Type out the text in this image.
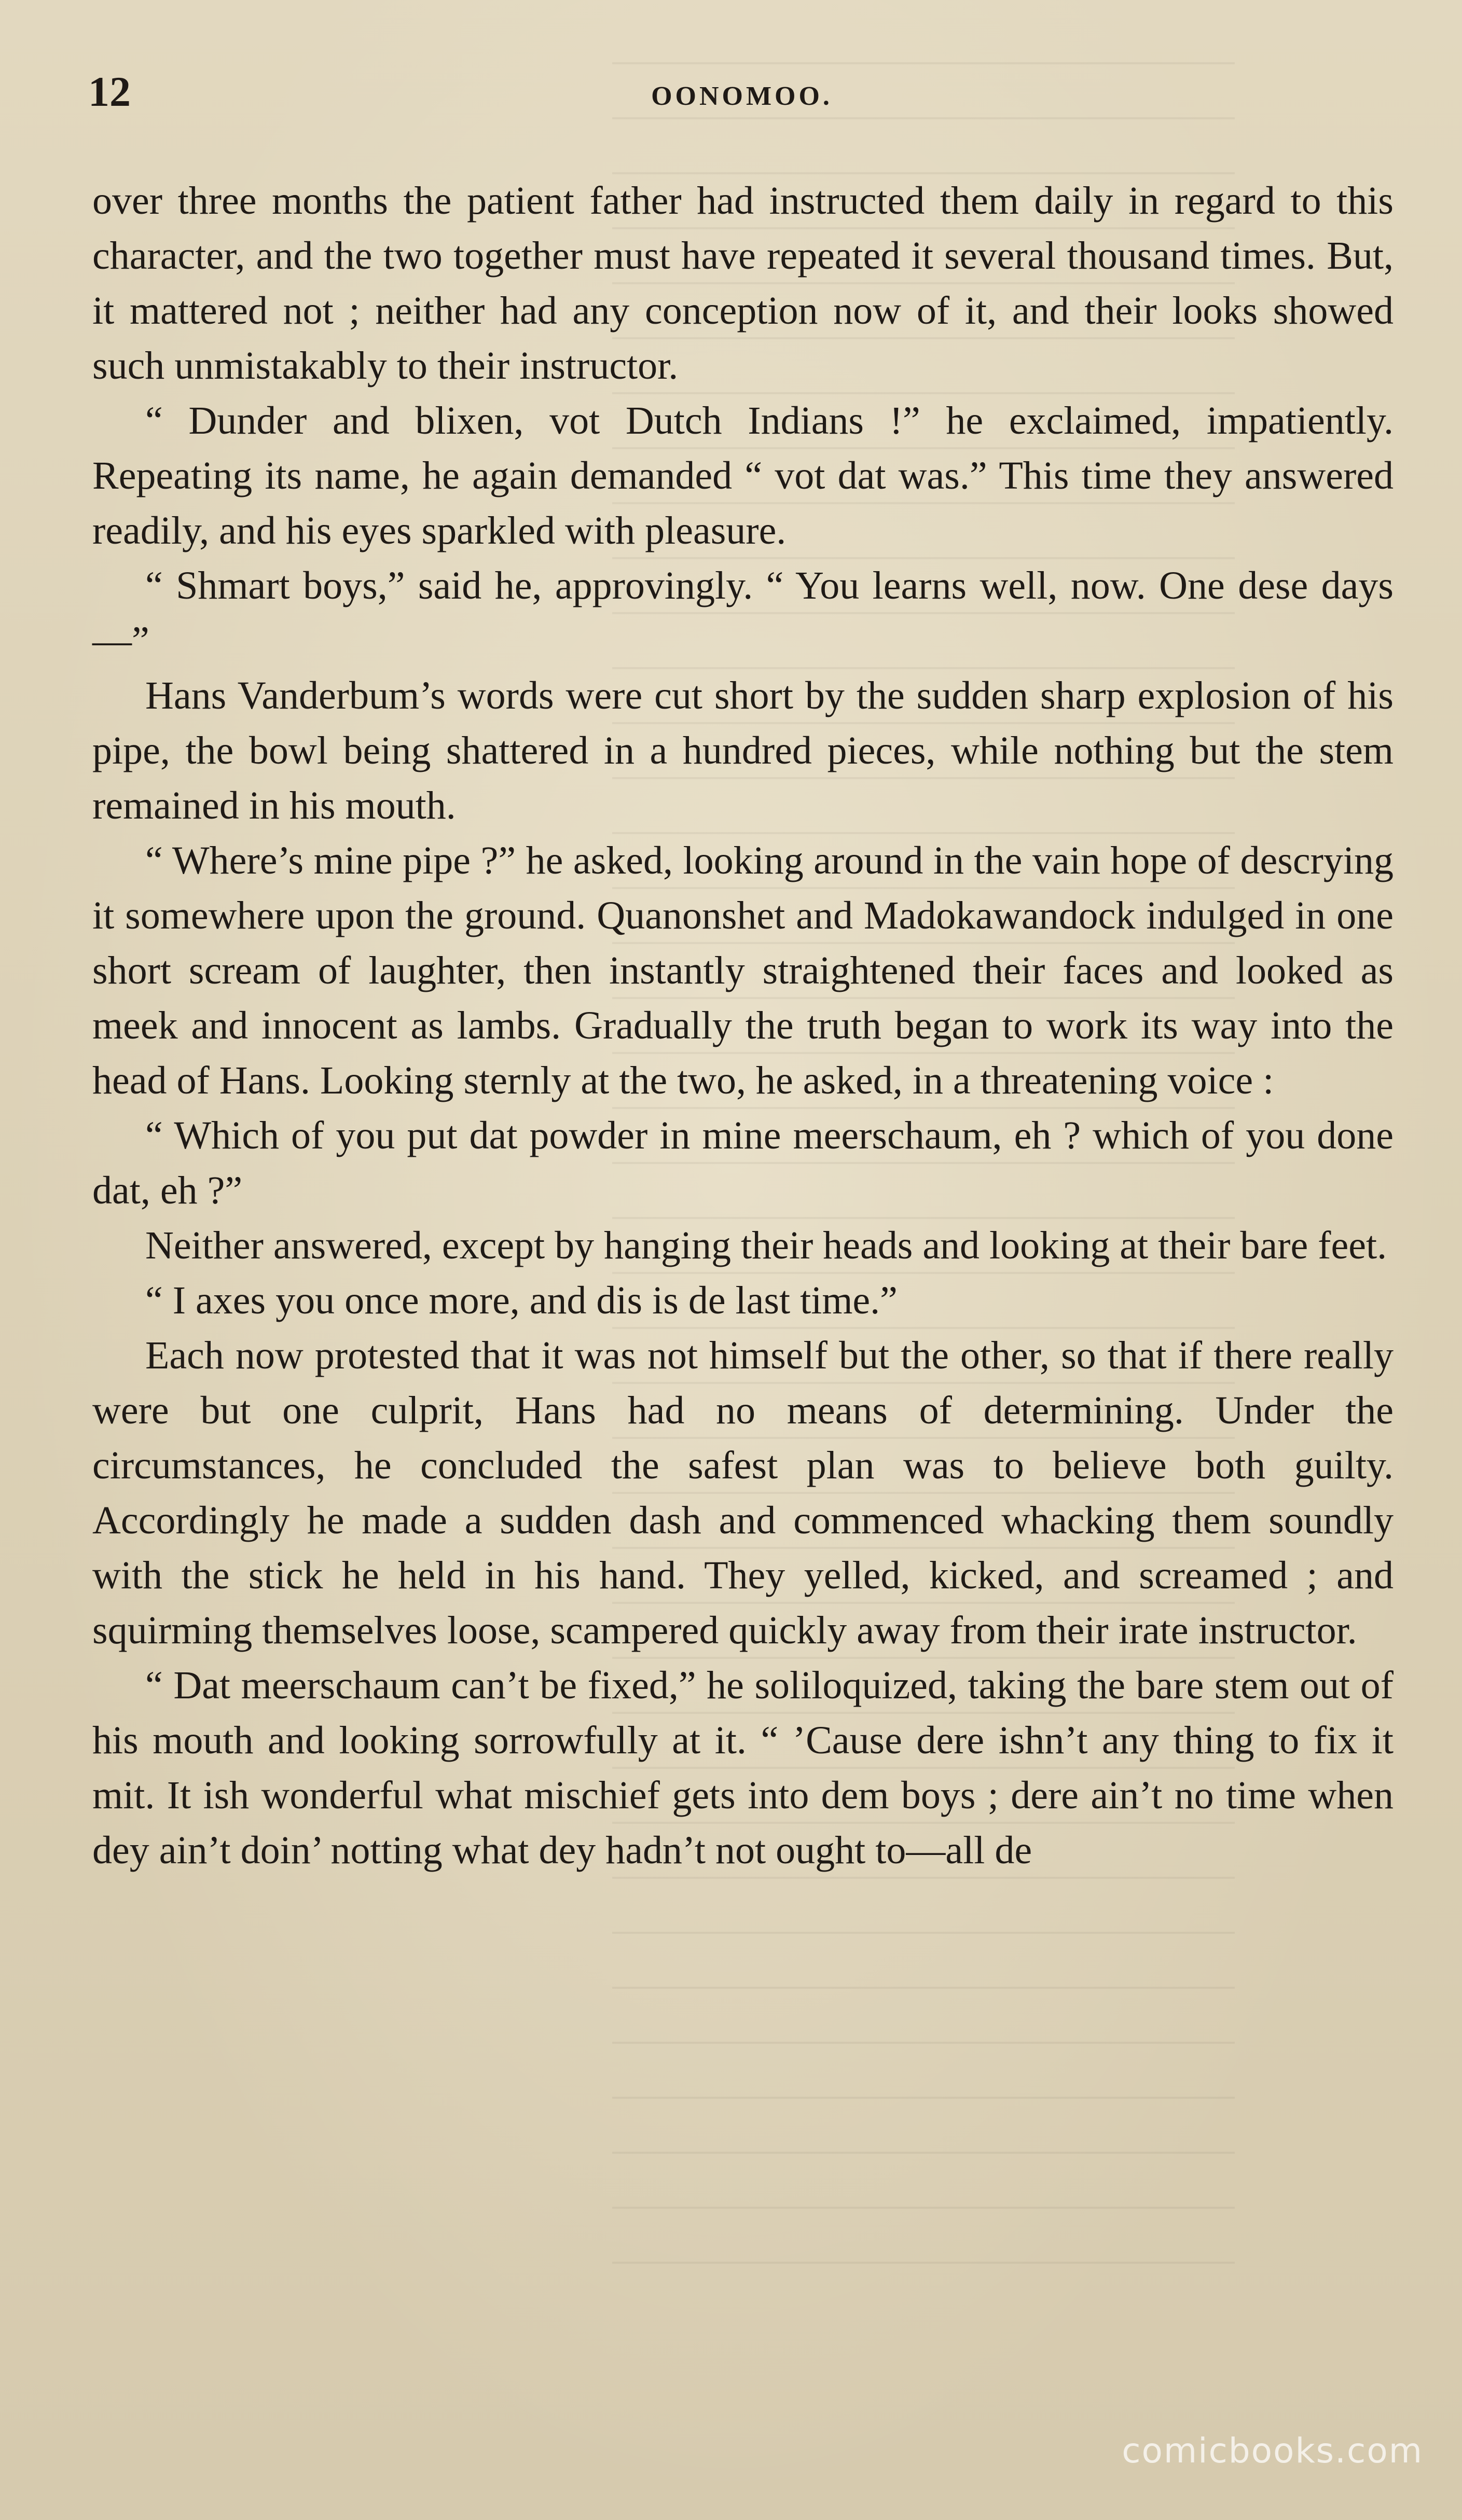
12	OONOMOO.

over three months the patient father had instructed them daily in regard to this character, and the two together must have repeated it several thousand times. But, it mattered not ; neither had any conception now of it, and their looks showed such unmistakably to their instructor.

“ Dunder and blixen, vot Dutch Indians !” he exclaimed, impatiently. Repeating its name, he again demanded “ vot dat was.” This time they answered readily, and his eyes sparkled with pleasure.

“ Shmart boys,” said he, approvingly. “ You learns well, now. One dese days—”

Hans Vanderbum’s words were cut short by the sudden sharp explosion of his pipe, the bowl being shattered in a hundred pieces, while nothing but the stem remained in his mouth.

“ Where’s mine pipe ?” he asked, looking around in the vain hope of descrying it somewhere upon the ground. Quanonshet and Madokawandock indulged in one short scream of laughter, then instantly straightened their faces and looked as meek and innocent as lambs. Gradually the truth began to work its way into the head of Hans. Looking sternly at the two, he asked, in a threatening voice :

“ Which of you put dat powder in mine meerschaum, eh ? which of you done dat, eh ?”

Neither answered, except by hanging their heads and looking at their bare feet.

“ I axes you once more, and dis is de last time.”

Each now protested that it was not himself but the other, so that if there really were but one culprit, Hans had no means of determining. Under the circumstances, he concluded the safest plan was to believe both guilty. Accordingly he made a sudden dash and commenced whacking them soundly with the stick he held in his hand. They yelled, kicked, and screamed ; and squirming themselves loose, scampered quickly away from their irate instructor.

“ Dat meerschaum can’t be fixed,” he soliloquized, taking the bare stem out of his mouth and looking sorrowfully at it. “ ’Cause dere ishn’t any thing to fix it mit. It ish wonderful what mischief gets into dem boys ; dere ain’t no time when dey ain’t doin’ notting what dey hadn’t not ought to—all de

comicbooks.com
